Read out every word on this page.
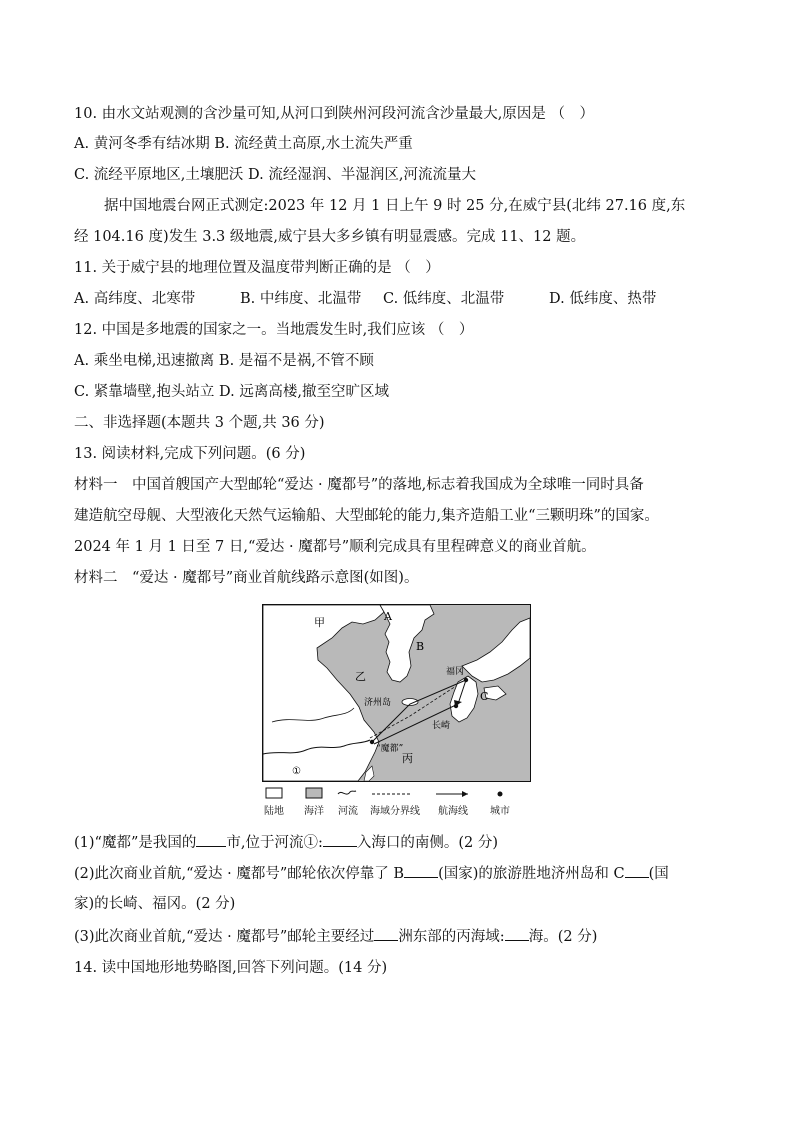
10. 由水文站观测的含沙量可知,从河口到陕州河段河流含沙量最大,原因是 （　）
A. 黄河冬季有结冰期 B. 流经黄土高原,水土流失严重
C. 流经平原地区,土壤肥沃 D. 流经湿润、半湿润区,河流流量大
据中国地震台网正式测定:2023 年 12 月 1 日上午 9 时 25 分,在威宁县(北纬 27.16 度,东
经 104.16 度)发生 3.3 级地震,威宁县大多乡镇有明显震感。完成 11、12 题。
11. 关于威宁县的地理位置及温度带判断正确的是 （　）
A. 高纬度、北寒带	B. 中纬度、北温带 C. 低纬度、北温带	D. 低纬度、热带
12. 中国是多地震的国家之一。当地震发生时,我们应该 （　）
A. 乘坐电梯,迅速撤离 B. 是福不是祸,不管不顾
C. 紧靠墙壁,抱头站立 D. 远离高楼,撤至空旷区域
二、非选择题(本题共 3 个题,共 36 分)
13. 阅读材料,完成下列问题。(6 分)
材料一　中国首艘国产大型邮轮“爱达 · 魔都号”的落地,标志着我国成为全球唯一同时具备
建造航空母舰、大型液化天然气运输船、大型邮轮的能力,集齐造船工业“三颗明珠”的国家。
2024 年 1 月 1 日至 7 日,“爱达 · 魔都号”顺利完成具有里程碑意义的商业首航。
材料二　“爱达 · 魔都号”商业首航线路示意图(如图)。
甲	A
B
乙	福冈
C
济州岛
长崎
“魔都”
丙
①
陆地 海洋 河流 海域分界线 航海线 城市
(1)“魔都”是我国的 市,位于河流①: 入海口的南侧。(2 分)
(2)此次商业首航,“爱达 · 魔都号”邮轮依次停靠了 B (国家)的旅游胜地济州岛和 C (国
家)的长崎、福冈。(2 分)
(3)此次商业首航,“爱达 · 魔都号”邮轮主要经过 洲东部的丙海域: 海。(2 分)
14. 读中国地形地势略图,回答下列问题。(14 分)
